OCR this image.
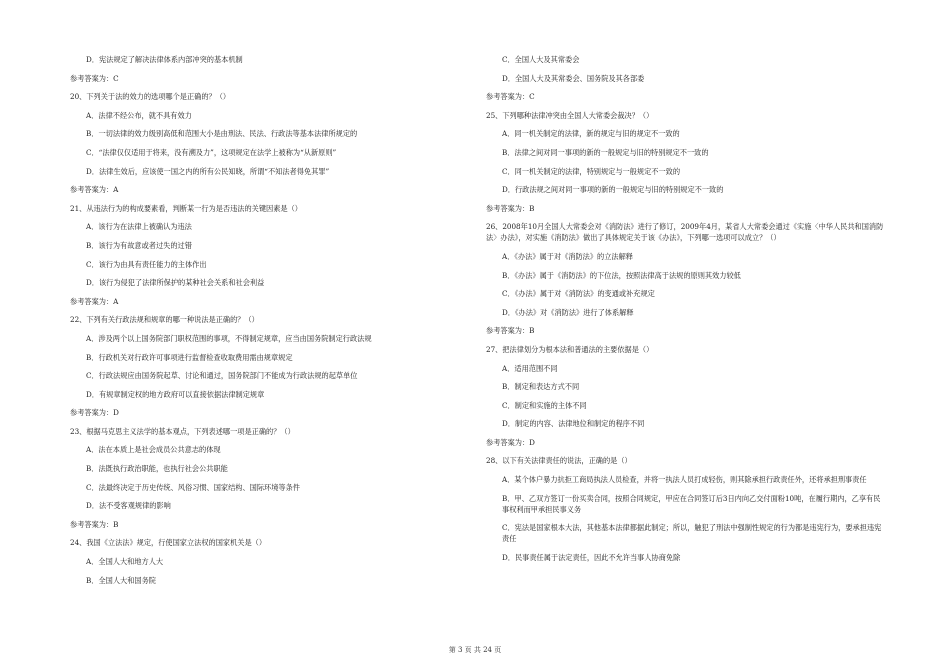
D．宪法规定了解决法律体系内部冲突的基本机制
参考答案为：C
20、下列关于法的效力的选项哪个是正确的？（）
A．法律不经公布，就不具有效力
B．一切法律的效力级别高低和范围大小是由刑法、民法、行政法等基本法律所规定的
C．“法律仅仅适用于将来，没有溯及力”，这项规定在法学上被称为“从新原则”
D．法律生效后，应该使一国之内的所有公民知晓，所谓“不知法者得免其罪”
参考答案为：A
21、从违法行为的构成要素看，判断某一行为是否违法的关键因素是（）
A．该行为在法律上被确认为违法
B．该行为有故意或者过失的过错
C．该行为由具有责任能力的主体作出
D．该行为侵犯了法律所保护的某种社会关系和社会利益
参考答案为：A
22、下列有关行政法规和规章的哪一种说法是正确的？（）
A．涉及两个以上国务院部门职权范围的事项，不得制定规章，应当由国务院制定行政法规
B．行政机关对行政许可事项进行监督检查收取费用需由规章规定
C．行政法规应由国务院起草、讨论和通过，国务院部门不能成为行政法规的起草单位
D．有规章制定权的地方政府可以直接依据法律制定规章
参考答案为：D
23、根据马克思主义法学的基本观点，下列表述哪一项是正确的？（）
A．法在本质上是社会成员公共意志的体现
B．法既执行政治职能，也执行社会公共职能
C．法最终决定于历史传统、风俗习惯、国家结构、国际环境等条件
D．法不受客观规律的影响
参考答案为：B
24、我国《立法法》规定，行使国家立法权的国家机关是（）
A．全国人大和地方人大
B．全国人大和国务院
C．全国人大及其常委会
D．全国人大及其常委会、国务院及其各部委
参考答案为：C
25、下列哪种法律冲突由全国人大常委会裁决？（）
A．同一机关制定的法律，新的规定与旧的规定不一致的
B．法律之间对同一事项的新的一般规定与旧的特别规定不一致的
C．同一机关制定的法律，特别规定与一般规定不一致的
D．行政法规之间对同一事项的新的一般规定与旧的特别规定不一致的
参考答案为：B
26、2008年10月全国人大常委会对《消防法》进行了修订，2009年4月，某省人大常委会通过《实施〈中华人民共和国消防法〉办法》，对实施《消防法》做出了具体规定关于该《办法》，下列哪一选项可以成立？（）
A．《办法》属于对《消防法》的立法解释
B．《办法》属于《消防法》的下位法，按照法律高于法规的原则其效力较低
C．《办法》属于对《消防法》的变通或补充规定
D．《办法》对《消防法》进行了体系解释
参考答案为：B
27、把法律划分为根本法和普通法的主要依据是（）
A．适用范围不同
B．制定和表达方式不同
C．制定和实施的主体不同
D．制定的内容、法律地位和制定的程序不同
参考答案为：D
28、以下有关法律责任的说法，正确的是（）
A．某个体户暴力抗拒工商局执法人员检查，并将一执法人员打成轻伤，则其除承担行政责任外，还将承担刑事责任
B．甲、乙双方签订一份买卖合同，按照合同规定，甲应在合同签订后3日内向乙交付面粉10吨，在履行期内，乙享有民事权利而甲承担民事义务
C．宪法是国家根本大法，其他基本法律都据此制定；所以，触犯了刑法中强制性规定的行为都是违宪行为，要承担违宪责任
D．民事责任属于法定责任，因此不允许当事人协商免除
第 3 页 共 24 页
